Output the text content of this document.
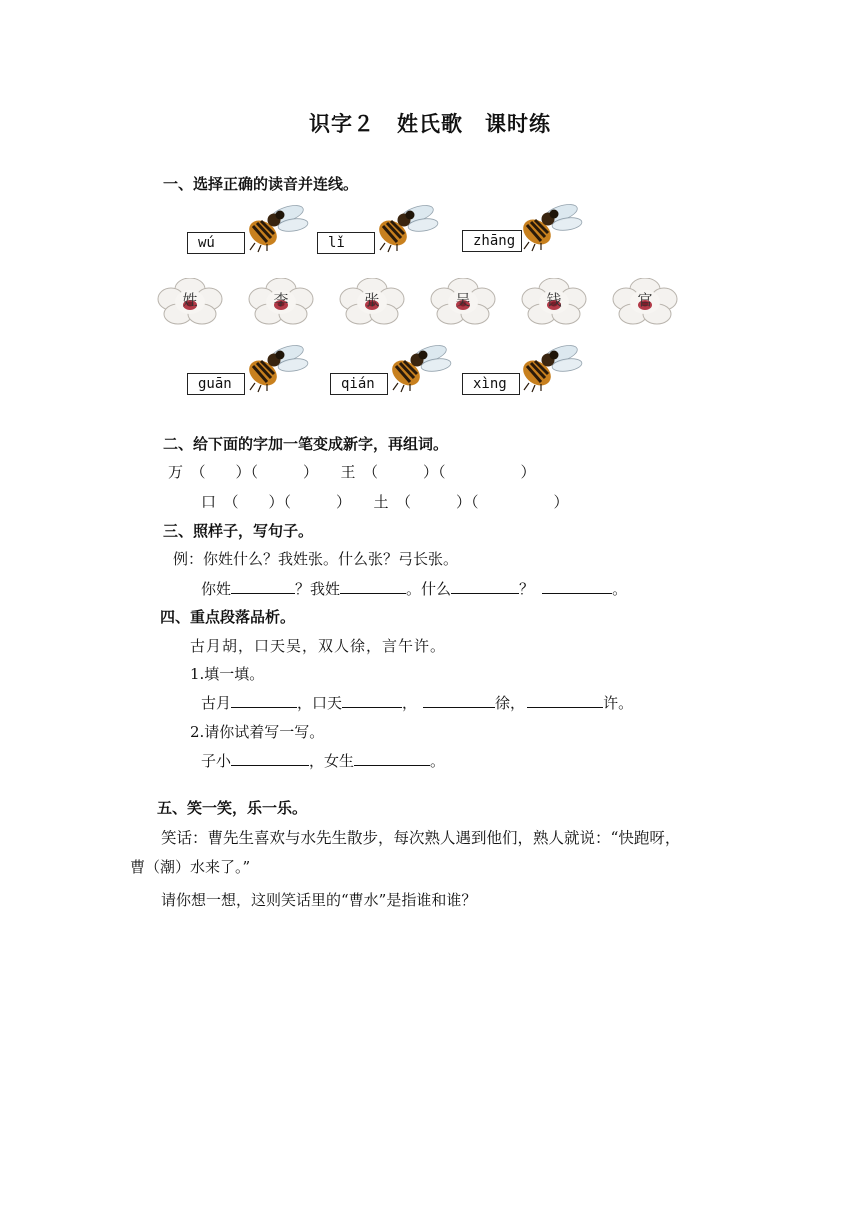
识字２　姓氏歌　课时练
一、选择正确的读音并连线。
wú	lǐ	zhāng
姓	李	张	吴	钱	官
guān	qián	xìng
二、给下面的字加一笔变成新字，再组词。
万　（　　）（　　　）　　王　（　　　）（　　　　　）
口　（　　）（　　　）　　土　（　　　）（　　　　　）
三、照样子，写句子。
例：你姓什么？我姓张。什么张？弓长张。
你姓	？我姓	。什么	？	。
四、重点段落品析。
古月胡，口天吴，双人徐，言午许。
1.填一填。
古月	，口天	，	徐，	许。
2.请你试着写一写。
子小	，女生	。
五、笑一笑，乐一乐。
笑话：曹先生喜欢与水先生散步，每次熟人遇到他们，熟人就说：“快跑呀，
曹（潮）水来了。”
请你想一想，这则笑话里的“曹水”是指谁和谁？
